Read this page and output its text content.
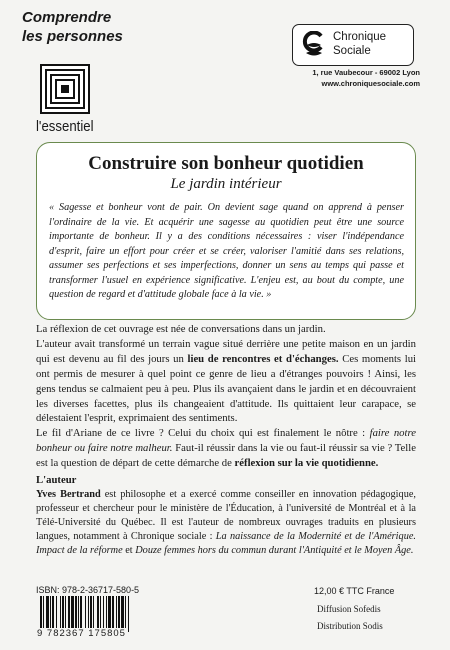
Comprendre
les personnes
l'essentiel
Chronique
Sociale
1, rue Vaubecour - 69002 Lyon
www.chroniquesociale.com
Construire son bonheur quotidien
Le jardin intérieur
« Sagesse et bonheur vont de pair. On devient sage quand on apprend à penser l'ordinaire de la vie. Et acquérir une sagesse au quotidien peut être une source importante de bonheur. Il y a des conditions nécessaires : viser l'indépendance d'esprit, faire un effort pour créer et se créer, valoriser l'amitié dans ses relations, assumer ses perfections et ses imperfections, donner un sens au temps qui passe et transformer l'usuel en expérience significative. L'enjeu est, au bout du compte, une question de regard et d'attitude globale face à la vie. »

La réflexion de cet ouvrage est née de conversations dans un jardin.

L'auteur avait transformé un terrain vague situé derrière une petite maison en un jardin qui est devenu au fil des jours un lieu de rencontres et d'échanges. Ces moments lui ont permis de mesurer à quel point ce genre de lieu a d'étranges pouvoirs ! Ainsi, les gens tendus se calmaient peu à peu. Plus ils avançaient dans le jardin et en découvraient les diverses facettes, plus ils changeaient d'attitude. Ils quittaient leur carapace, se délestaient l'esprit, exprimaient des sentiments.

Le fil d'Ariane de ce livre ? Celui du choix qui est finalement le nôtre : faire notre bonheur ou faire notre malheur. Faut-il réussir dans la vie ou faut-il réussir sa vie ? Telle est la question de départ de cette démarche de réflexion sur la vie quotidienne.

L'auteur

Yves Bertrand est philosophe et a exercé comme conseiller en innovation pédagogique, professeur et chercheur pour le ministère de l'Éducation, à l'université de Montréal et à la Télé-Université du Québec. Il est l'auteur de nombreux ouvrages traduits en plusieurs langues, notamment à Chronique sociale : La naissance de la Modernité et de l'Amérique. Impact de la réforme et Douze femmes hors du commun durant l'Antiquité et le Moyen Âge.

ISBN: 978-2-36717-580-5
9 782367 175805
12,00 € TTC France
Diffusion Sofedis
Distribution Sodis
